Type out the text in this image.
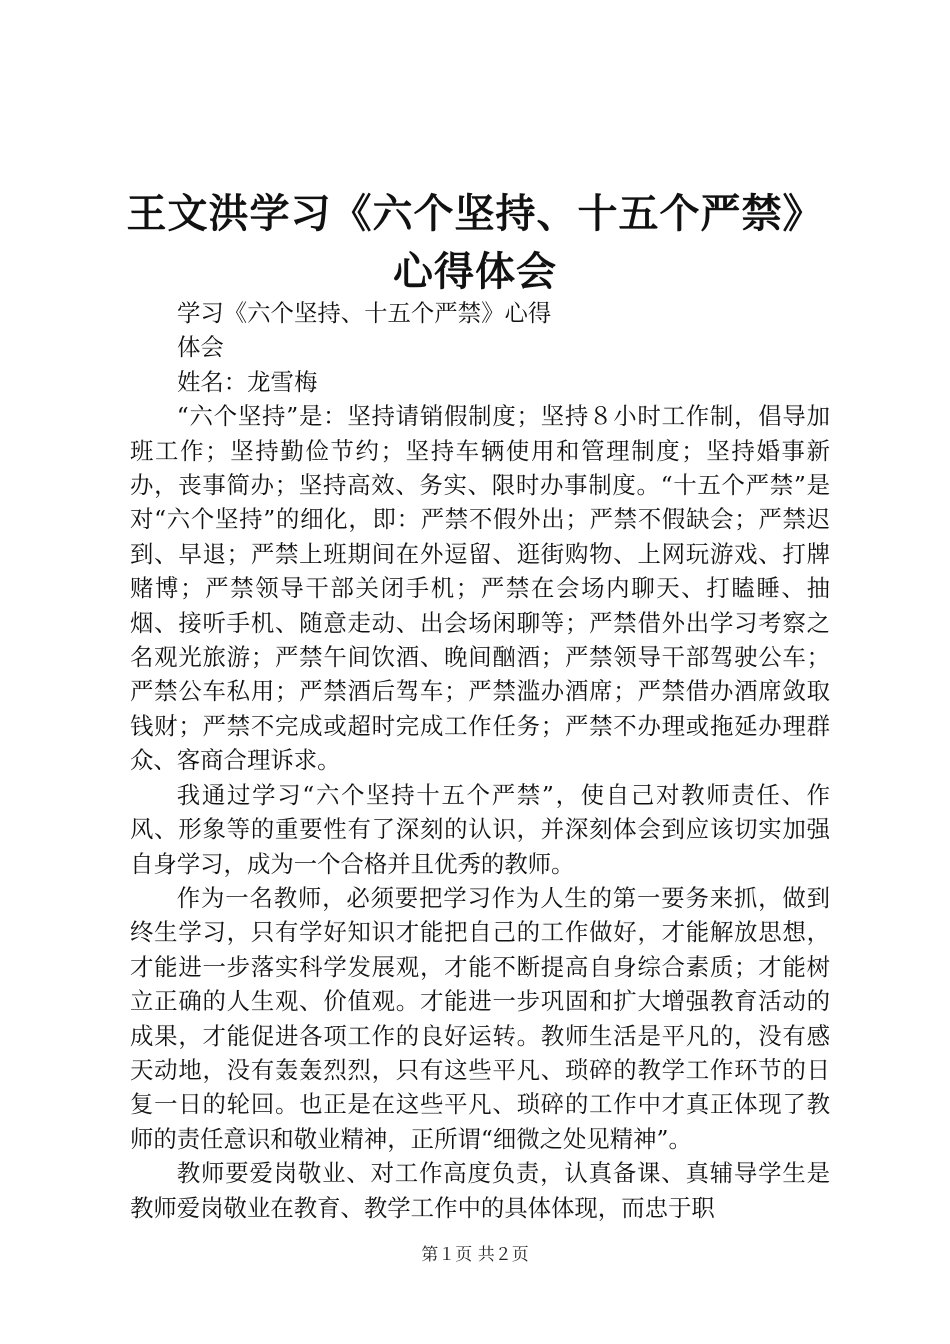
王文洪学习《六个坚持、十五个严禁》心得体会

学习《六个坚持、十五个严禁》心得

体会

姓名：龙雪梅

“六个坚持”是：坚持请销假制度；坚持８小时工作制，倡导加班工作；坚持勤俭节约；坚持车辆使用和管理制度；坚持婚事新办，丧事简办；坚持高效、务实、限时办事制度。“十五个严禁”是对“六个坚持”的细化，即：严禁不假外出；严禁不假缺会；严禁迟到、早退；严禁上班期间在外逗留、逛街购物、上网玩游戏、打牌赌博；严禁领导干部关闭手机；严禁在会场内聊天、打瞌睡、抽烟、接听手机、随意走动、出会场闲聊等；严禁借外出学习考察之名观光旅游；严禁午间饮酒、晚间酗酒；严禁领导干部驾驶公车；严禁公车私用；严禁酒后驾车；严禁滥办酒席；严禁借办酒席敛取钱财；严禁不完成或超时完成工作任务；严禁不办理或拖延办理群众、客商合理诉求。

我通过学习“六个坚持十五个严禁”，使自己对教师责任、作风、形象等的重要性有了深刻的认识，并深刻体会到应该切实加强自身学习，成为一个合格并且优秀的教师。

作为一名教师，必须要把学习作为人生的第一要务来抓，做到终生学习，只有学好知识才能把自己的工作做好，才能解放思想，才能进一步落实科学发展观，才能不断提高自身综合素质；才能树立正确的人生观、价值观。才能进一步巩固和扩大增强教育活动的成果，才能促进各项工作的良好运转。教师生活是平凡的，没有感天动地，没有轰轰烈烈，只有这些平凡、琐碎的教学工作环节的日复一日的轮回。也正是在这些平凡、琐碎的工作中才真正体现了教师的责任意识和敬业精神，正所谓“细微之处见精神”。

教师要爱岗敬业、对工作高度负责，认真备课、真辅导学生是教师爱岗敬业在教育、教学工作中的具体体现，而忠于职

第１页 共２页
